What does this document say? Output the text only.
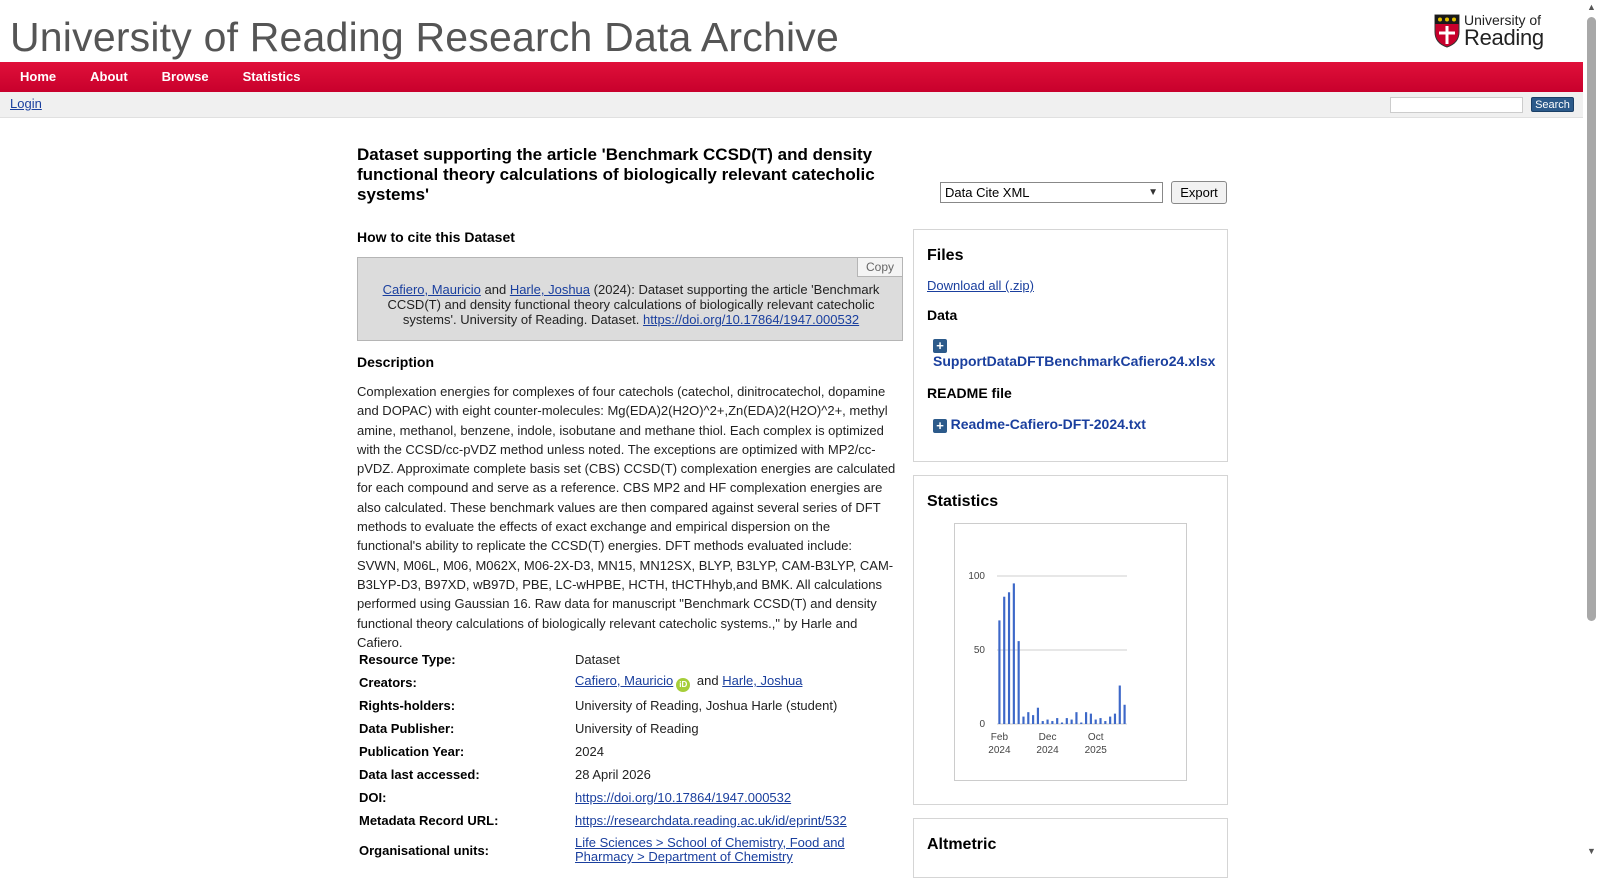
University of Reading Research Data Archive	University of
Reading
Home	About	Browse	Statistics
Login	Search
▲
▼
Dataset supporting the article 'Benchmark CCSD(T) and density functional theory calculations of biologically relevant catecholic systems'	Data Cite XML	▼	Export
How to cite this Dataset
Copy
Cafiero, Mauricio and Harle, Joshua (2024): Dataset supporting the article 'Benchmark CCSD(T) and density functional theory calculations of biologically relevant catecholic systems'. University of Reading. Dataset. https://doi.org/10.17864/1947.000532
Description

Complexation energies for complexes of four catechols (catechol, dinitrocatechol, dopamine and DOPAC) with eight counter-molecules: Mg(EDA)2(H2O)^2+,Zn(EDA)2(H2O)^2+, methyl amine, methanol, benzene, indole, isobutane and methane thiol. Each complex is optimized with the CCSD/cc-pVDZ method unless noted. The exceptions are optimized with MP2/cc-pVDZ. Approximate complete basis set (CBS) CCSD(T) complexation energies are calculated for each compound and serve as a reference. CBS MP2 and HF complexation energies are also calculated. These benchmark values are then compared against several series of DFT methods to evaluate the effects of exact exchange and empirical dispersion on the functional's ability to replicate the CCSD(T) energies. DFT methods evaluated include: SVWN, M06L, M06, M062X, M06-2X-D3, MN15, MN12SX, BLYP, B3LYP, CAM-B3LYP, CAM-B3LYP-D3, B97XD, wB97D, PBE, LC-wHPBE, HCTH, tHCTHhyb,and BMK. All calculations performed using Gaussian 16. Raw data for manuscript "Benchmark CCSD(T) and density functional theory calculations of biologically relevant catecholic systems.," by Harle and Cafiero.

Resource Type:	Dataset
Creators:	Cafiero, Mauricio iD and Harle, Joshua
Rights-holders:	University of Reading, Joshua Harle (student)
Data Publisher:	University of Reading
Publication Year:	2024
Data last accessed:	28 April 2026
DOI:	https://doi.org/10.17864/1947.000532
Metadata Record URL:	https://researchdata.reading.ac.uk/id/eprint/532
Organisational units:	Life Sciences > School of Chemistry, Food and
Pharmacy > Department of Chemistry
Files
Download all (.zip)
Data
+
SupportDataDFTBenchmarkCafiero24.xlsx
README file
+ Readme-Cafiero-DFT-2024.txt
Statistics
0
50
100
Feb
2024
Dec
2024
Oct
2025
Altmetric
